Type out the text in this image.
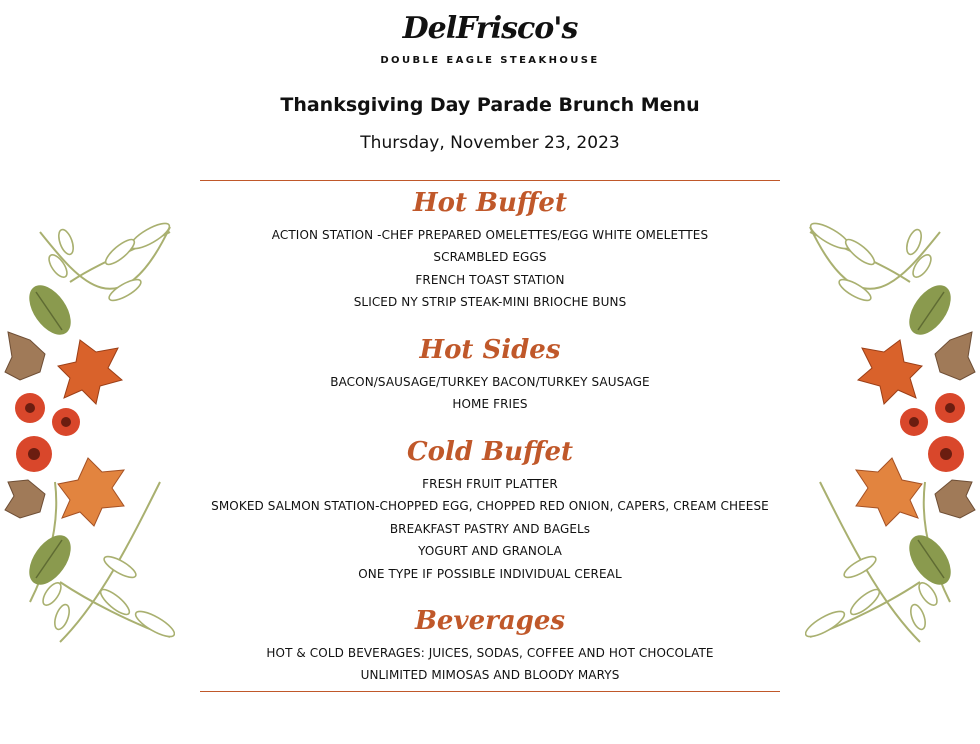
DelFrisco's
DOUBLE EAGLE STEAKHOUSE
Thanksgiving Day Parade Brunch Menu
Thursday, November 23, 2023
Hot Buffet
ACTION STATION -CHEF PREPARED OMELETTES/EGG WHITE OMELETTES
SCRAMBLED EGGS
FRENCH TOAST STATION
SLICED NY STRIP STEAK-MINI BRIOCHE BUNS
Hot Sides
BACON/SAUSAGE/TURKEY BACON/TURKEY SAUSAGE
HOME FRIES
Cold Buffet
FRESH FRUIT PLATTER
SMOKED SALMON STATION-CHOPPED EGG, CHOPPED RED ONION, CAPERS, CREAM CHEESE
BREAKFAST PASTRY AND BAGELs
YOGURT AND GRANOLA
ONE TYPE IF POSSIBLE INDIVIDUAL CEREAL
Beverages
HOT & COLD BEVERAGES: JUICES, SODAS, COFFEE AND HOT CHOCOLATE
UNLIMITED MIMOSAS AND BLOODY MARYS
